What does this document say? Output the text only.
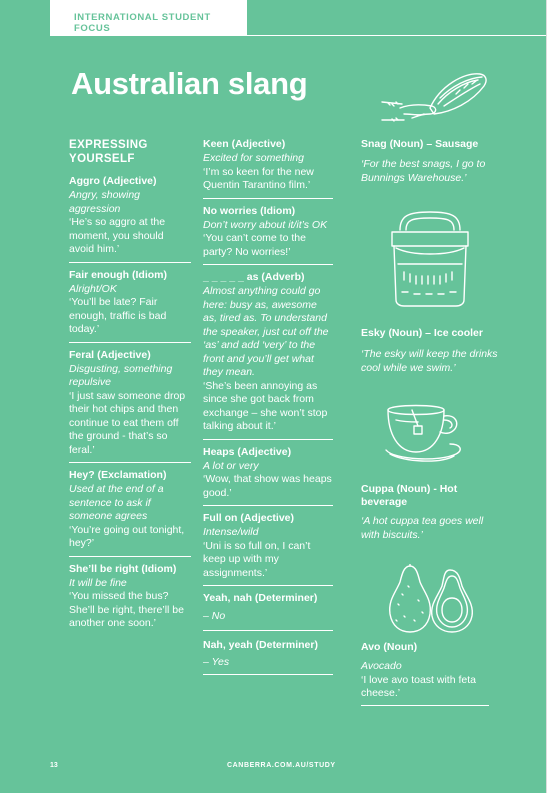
INTERNATIONAL STUDENT FOCUS
Australian slang
EXPRESSING YOURSELF
Aggro (Adjective)
Angry, showing aggression
‘He’s so aggro at the moment, you should avoid him.’
Fair enough (Idiom)
Alright/OK
‘You’ll be late? Fair enough, traffic is bad today.’
Feral (Adjective)
Disgusting, something repulsive
‘I just saw someone drop their hot chips and then continue to eat them off the ground - that’s so feral.’
Hey? (Exclamation)
Used at the end of a sentence to ask if someone agrees
‘You’re going out tonight, hey?’
She’ll be right (Idiom)
It will be fine
‘You missed the bus? She’ll be right, there’ll be another one soon.’
Keen (Adjective)
Excited for something
‘I’m so keen for the new Quentin Tarantino film.’
No worries (Idiom)
Don’t worry about it/it’s OK
‘You can’t come to the party? No worries!’
_ _ _ _ _ as (Adverb)
Almost anything could go here: busy as, awesome as, tired as. To understand the speaker, just cut off the ‘as’ and add ‘very’ to the front and you’ll get what they mean.
‘She’s been annoying as since she got back from exchange – she won’t stop talking about it.’
Heaps (Adjective)
A lot or very
‘Wow, that show was heaps good.’
Full on (Adjective)
Intense/wild
‘Uni is so full on, I can’t keep up with my assignments.’
Yeah, nah (Determiner)
– No
Nah, yeah (Determiner)
– Yes
Snag (Noun) – Sausage
‘For the best snags, I go to Bunnings Warehouse.’
Esky (Noun) – Ice cooler
‘The esky will keep the drinks cool while we swim.’
Cuppa (Noun) - Hot beverage
‘A hot cuppa tea goes well with biscuits.’
Avo (Noun)
Avocado
‘I love avo toast with feta cheese.’
13	CANBERRA.COM.AU/STUDY
